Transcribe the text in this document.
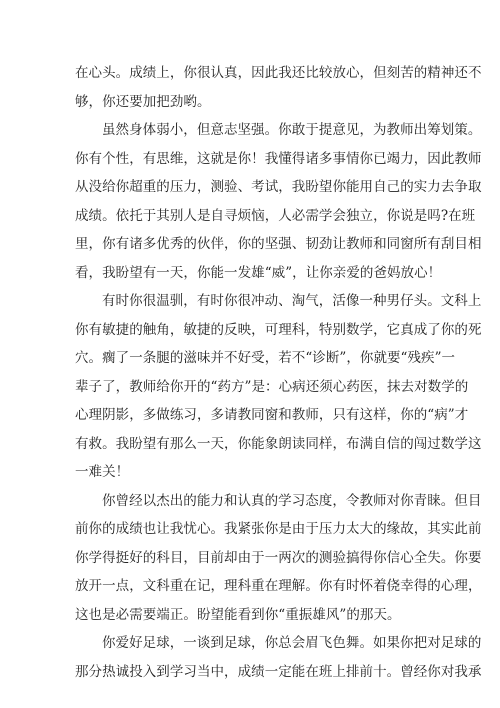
在心头。成绩上，你很认真，因此我还比较放心，但刻苦的精神还不
够，你还要加把劲哟。

虽然身体弱小，但意志坚强。你敢于提意见，为教师出筹划策。
你有个性，有思维，这就是你！我懂得诸多事情你已竭力，因此教师
从没给你超重的压力，测验、考试，我盼望你能用自己的实力去争取
成绩。依托于其别人是自寻烦恼，人必需学会独立，你说是吗?在班
里，你有诸多优秀的伙伴，你的坚强、韧劲让教师和同窗所有刮目相
看，我盼望有一天，你能一发雄“威”，让你亲爱的爸妈放心！

有时你很温驯，有时你很冲动、淘气，活像一种男仔头。文科上
你有敏捷的触角，敏捷的反映，可理科，特别数学，它真成了你的死
穴。瘸了一条腿的滋味并不好受，若不“诊断”，你就要“残疾”一
辈子了，教师给你开的“药方”是：心病还须心药医，抹去对数学的
心理阴影，多做练习，多请教同窗和教师，只有这样，你的“病”才
有救。我盼望有那么一天，你能象朗读同样，布满自信的闯过数学这
一难关！

你曾经以杰出的能力和认真的学习态度，令教师对你青睐。但目
前你的成绩也让我忧心。我紧张你是由于压力太大的缘故，其实此前
你学得挺好的科目，目前却由于一两次的测验搞得你信心全失。你要
放开一点，文科重在记，理科重在理解。你有时怀着侥幸得的心理，
这也是必需要端正。盼望能看到你“重振雄风”的那天。

你爱好足球，一谈到足球，你总会眉飞色舞。如果你把对足球的
那分热诚投入到学习当中，成绩一定能在班上排前十。曾经你对我承
